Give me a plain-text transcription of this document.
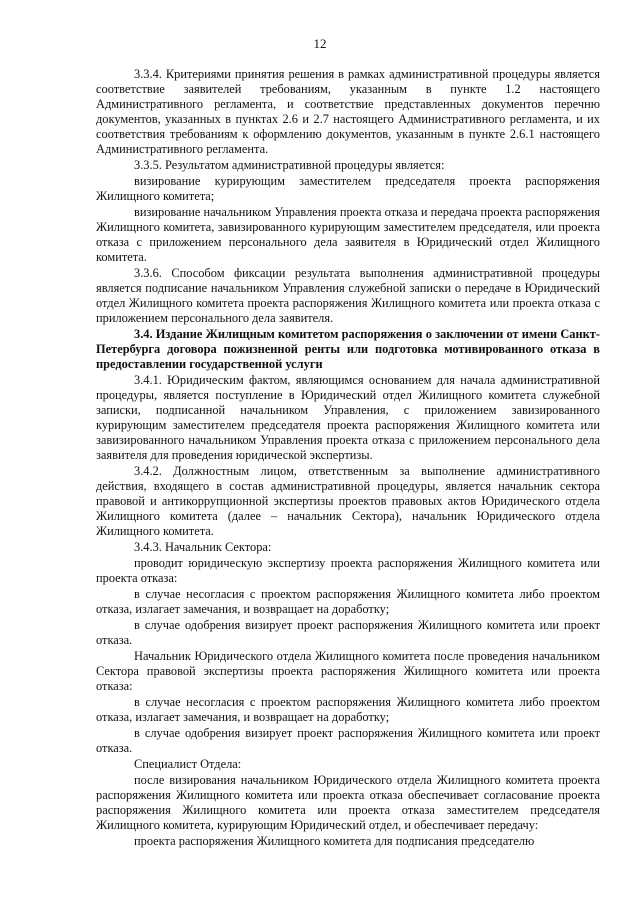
12

3.3.4. Критериями принятия решения в рамках административной процедуры является соответствие заявителей требованиям, указанным в пункте 1.2 настоящего Административного регламента, и соответствие представленных документов перечню документов, указанных в пунктах 2.6 и 2.7 настоящего Административного регламента, и их соответствия требованиям к оформлению документов, указанным в пункте 2.6.1 настоящего Административного регламента.

3.3.5. Результатом административной процедуры является:

визирование курирующим заместителем председателя проекта распоряжения Жилищного комитета;

визирование начальником Управления проекта отказа и передача проекта распоряжения Жилищного комитета, завизированного курирующим заместителем председателя, или проекта отказа с приложением персонального дела заявителя в Юридический отдел Жилищного комитета.

3.3.6. Способом фиксации результата выполнения административной процедуры является подписание начальником Управления служебной записки о передаче в Юридический отдел Жилищного комитета проекта распоряжения Жилищного комитета или проекта отказа с приложением персонального дела заявителя.

3.4. Издание Жилищным комитетом распоряжения о заключении от имени Санкт-Петербурга договора пожизненной ренты или подготовка мотивированного отказа в предоставлении государственной услуги

3.4.1. Юридическим фактом, являющимся основанием для начала административной процедуры, является поступление в Юридический отдел Жилищного комитета служебной записки, подписанной начальником Управления, с приложением завизированного курирующим заместителем председателя проекта распоряжения Жилищного комитета или завизированного начальником Управления проекта отказа с приложением персонального дела заявителя для проведения юридической экспертизы.

3.4.2. Должностным лицом, ответственным за выполнение административного действия, входящего в состав административной процедуры, является начальник сектора правовой и антикоррупционной экспертизы проектов правовых актов Юридического отдела Жилищного комитета (далее – начальник Сектора), начальник Юридического отдела Жилищного комитета.

3.4.3. Начальник Сектора:

проводит юридическую экспертизу проекта распоряжения Жилищного комитета или проекта отказа:

в случае несогласия с проектом распоряжения Жилищного комитета либо проектом отказа, излагает замечания, и возвращает на доработку;

в случае одобрения визирует проект распоряжения Жилищного комитета или проект отказа.

Начальник Юридического отдела Жилищного комитета после проведения начальником Сектора правовой экспертизы проекта распоряжения Жилищного комитета или проекта отказа:

в случае несогласия с проектом распоряжения Жилищного комитета либо проектом отказа, излагает замечания, и возвращает на доработку;

в случае одобрения визирует проект распоряжения Жилищного комитета или проект отказа.

Специалист Отдела:

после визирования начальником Юридического отдела Жилищного комитета проекта распоряжения Жилищного комитета или проекта отказа обеспечивает согласование проекта распоряжения Жилищного комитета или проекта отказа заместителем председателя Жилищного комитета, курирующим Юридический отдел, и обеспечивает передачу:

проекта распоряжения Жилищного комитета для подписания председателю
